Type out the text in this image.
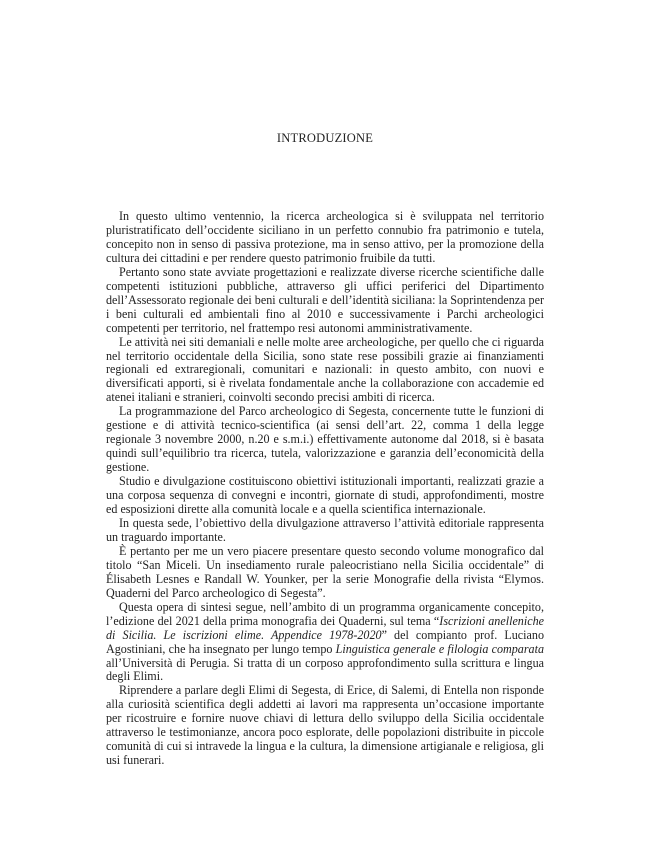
INTRODUZIONE

In questo ultimo ventennio, la ricerca archeologica si è sviluppata nel territorio pluristratificato dell’occidente siciliano in un perfetto connubio fra patrimonio e tutela, concepito non in senso di passiva protezione, ma in senso attivo, per la promozione della cultura dei cittadini e per rendere questo patrimonio fruibile da tutti.

Pertanto sono state avviate progettazioni e realizzate diverse ricerche scientifiche dalle competenti istituzioni pubbliche, attraverso gli uffici periferici del Dipartimento dell’Assessorato regionale dei beni culturali e dell’identità siciliana: la Soprintendenza per i beni culturali ed ambientali fino al 2010 e successivamente i Parchi archeologici competenti per territorio, nel frattempo resi autonomi amministrativamente.

Le attività nei siti demaniali e nelle molte aree archeologiche, per quello che ci riguarda nel territorio occidentale della Sicilia, sono state rese possibili grazie ai finanziamenti regionali ed extraregionali, comunitari e nazionali: in questo ambito, con nuovi e diversificati apporti, si è rivelata fondamentale anche la collaborazione con accademie ed atenei italiani e stranieri, coinvolti secondo precisi ambiti di ricerca.

La programmazione del Parco archeologico di Segesta, concernente tutte le funzioni di gestione e di attività tecnico-scientifica (ai sensi dell’art. 22, comma 1 della legge regionale 3 novembre 2000, n.20 e s.m.i.) effettivamente autonome dal 2018, si è basata quindi sull’equilibrio tra ricerca, tutela, valorizzazione e garanzia dell’economicità della gestione.

Studio e divulgazione costituiscono obiettivi istituzionali importanti, realizzati grazie a una corposa sequenza di convegni e incontri, giornate di studi, approfondimenti, mostre ed esposizioni dirette alla comunità locale e a quella scientifica internazionale.

In questa sede, l’obiettivo della divulgazione attraverso l’attività editoriale rappresenta un traguardo importante.

È pertanto per me un vero piacere presentare questo secondo volume monografico dal titolo “San Miceli. Un insediamento rurale paleocristiano nella Sicilia occidentale” di Élisabeth Lesnes e Randall W. Younker, per la serie Monografie della rivista “Elymos. Quaderni del Parco archeologico di Segesta”.

Questa opera di sintesi segue, nell’ambito di un programma organicamente concepito, l’edizione del 2021 della prima monografia dei Quaderni, sul tema “Iscrizioni anelleniche di Sicilia. Le iscrizioni elime. Appendice 1978-2020” del compianto prof. Luciano Agostiniani, che ha insegnato per lungo tempo Linguistica generale e filologia comparata all’Università di Perugia. Si tratta di un corposo approfondimento sulla scrittura e lingua degli Elimi.

Riprendere a parlare degli Elimi di Segesta, di Erice, di Salemi, di Entella non risponde alla curiosità scientifica degli addetti ai lavori ma rappresenta un’occasione importante per ricostruire e fornire nuove chiavi di lettura dello sviluppo della Sicilia occidentale attraverso le testimonianze, ancora poco esplorate, delle popolazioni distribuite in piccole comunità di cui si intravede la lingua e la cultura, la dimensione artigianale e religiosa, gli usi funerari.
